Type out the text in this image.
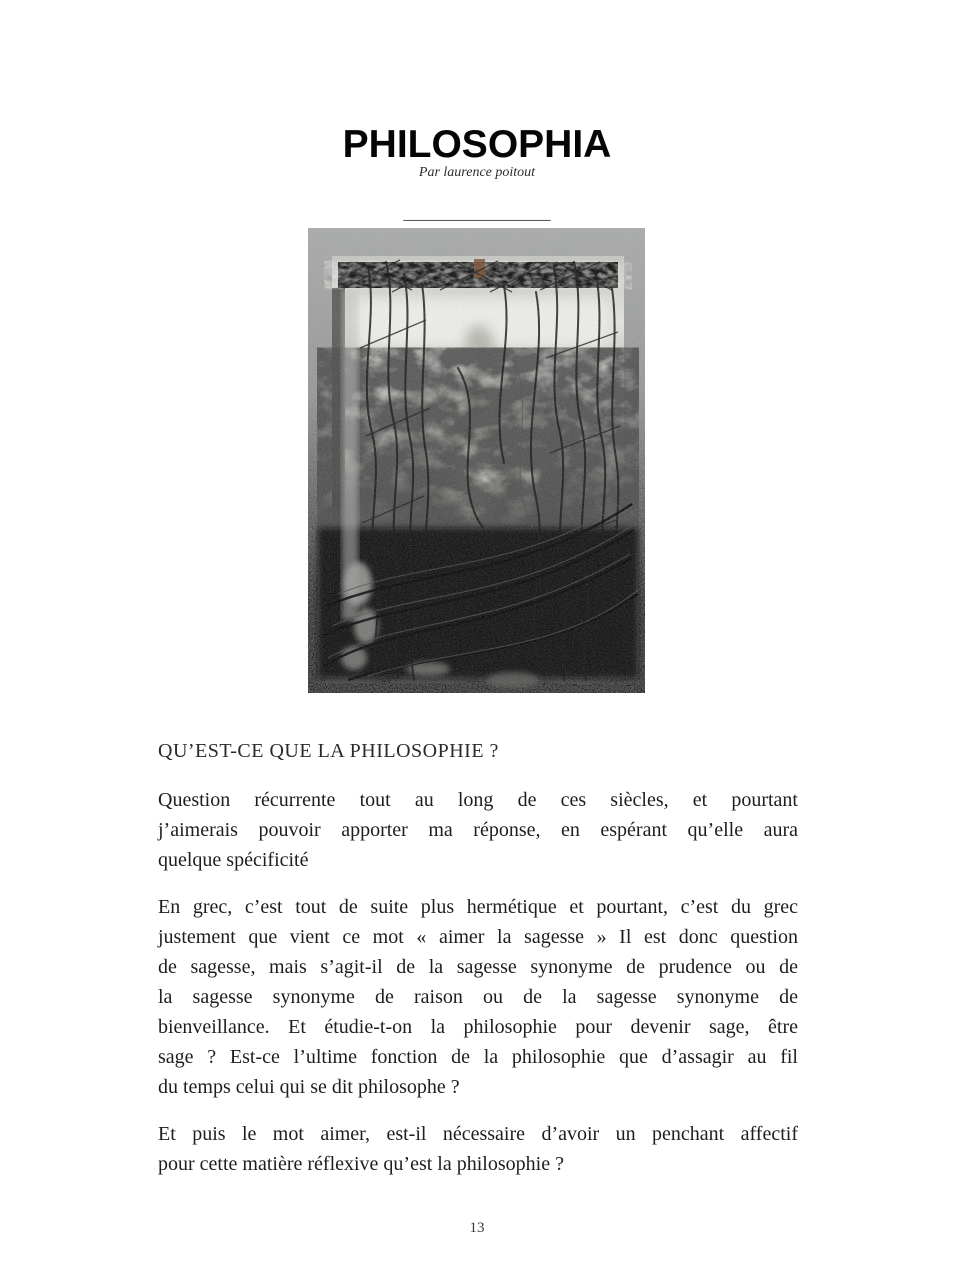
PHILOSOPHIA
Par laurence poitout
_____________________
QU’EST-CE QUE LA PHILOSOPHIE ?

Question récurrente tout au long de ces siècles, et pourtant
j’aimerais pouvoir apporter ma réponse, en espérant qu’elle aura
quelque spécificité

En grec, c’est tout de suite plus hermétique et pourtant, c’est du grec
justement que vient ce mot « aimer la sagesse » Il est donc question
de sagesse, mais s’agit-il de la sagesse synonyme de prudence ou de
la sagesse synonyme de raison ou de la sagesse synonyme de
bienveillance. Et étudie-t-on la philosophie pour devenir sage, être
sage ? Est-ce l’ultime fonction de la philosophie que d’assagir au fil
du temps celui qui se dit philosophe ?

Et puis le mot aimer, est-il nécessaire d’avoir un penchant affectif
pour cette matière réflexive qu’est la philosophie ?

13
